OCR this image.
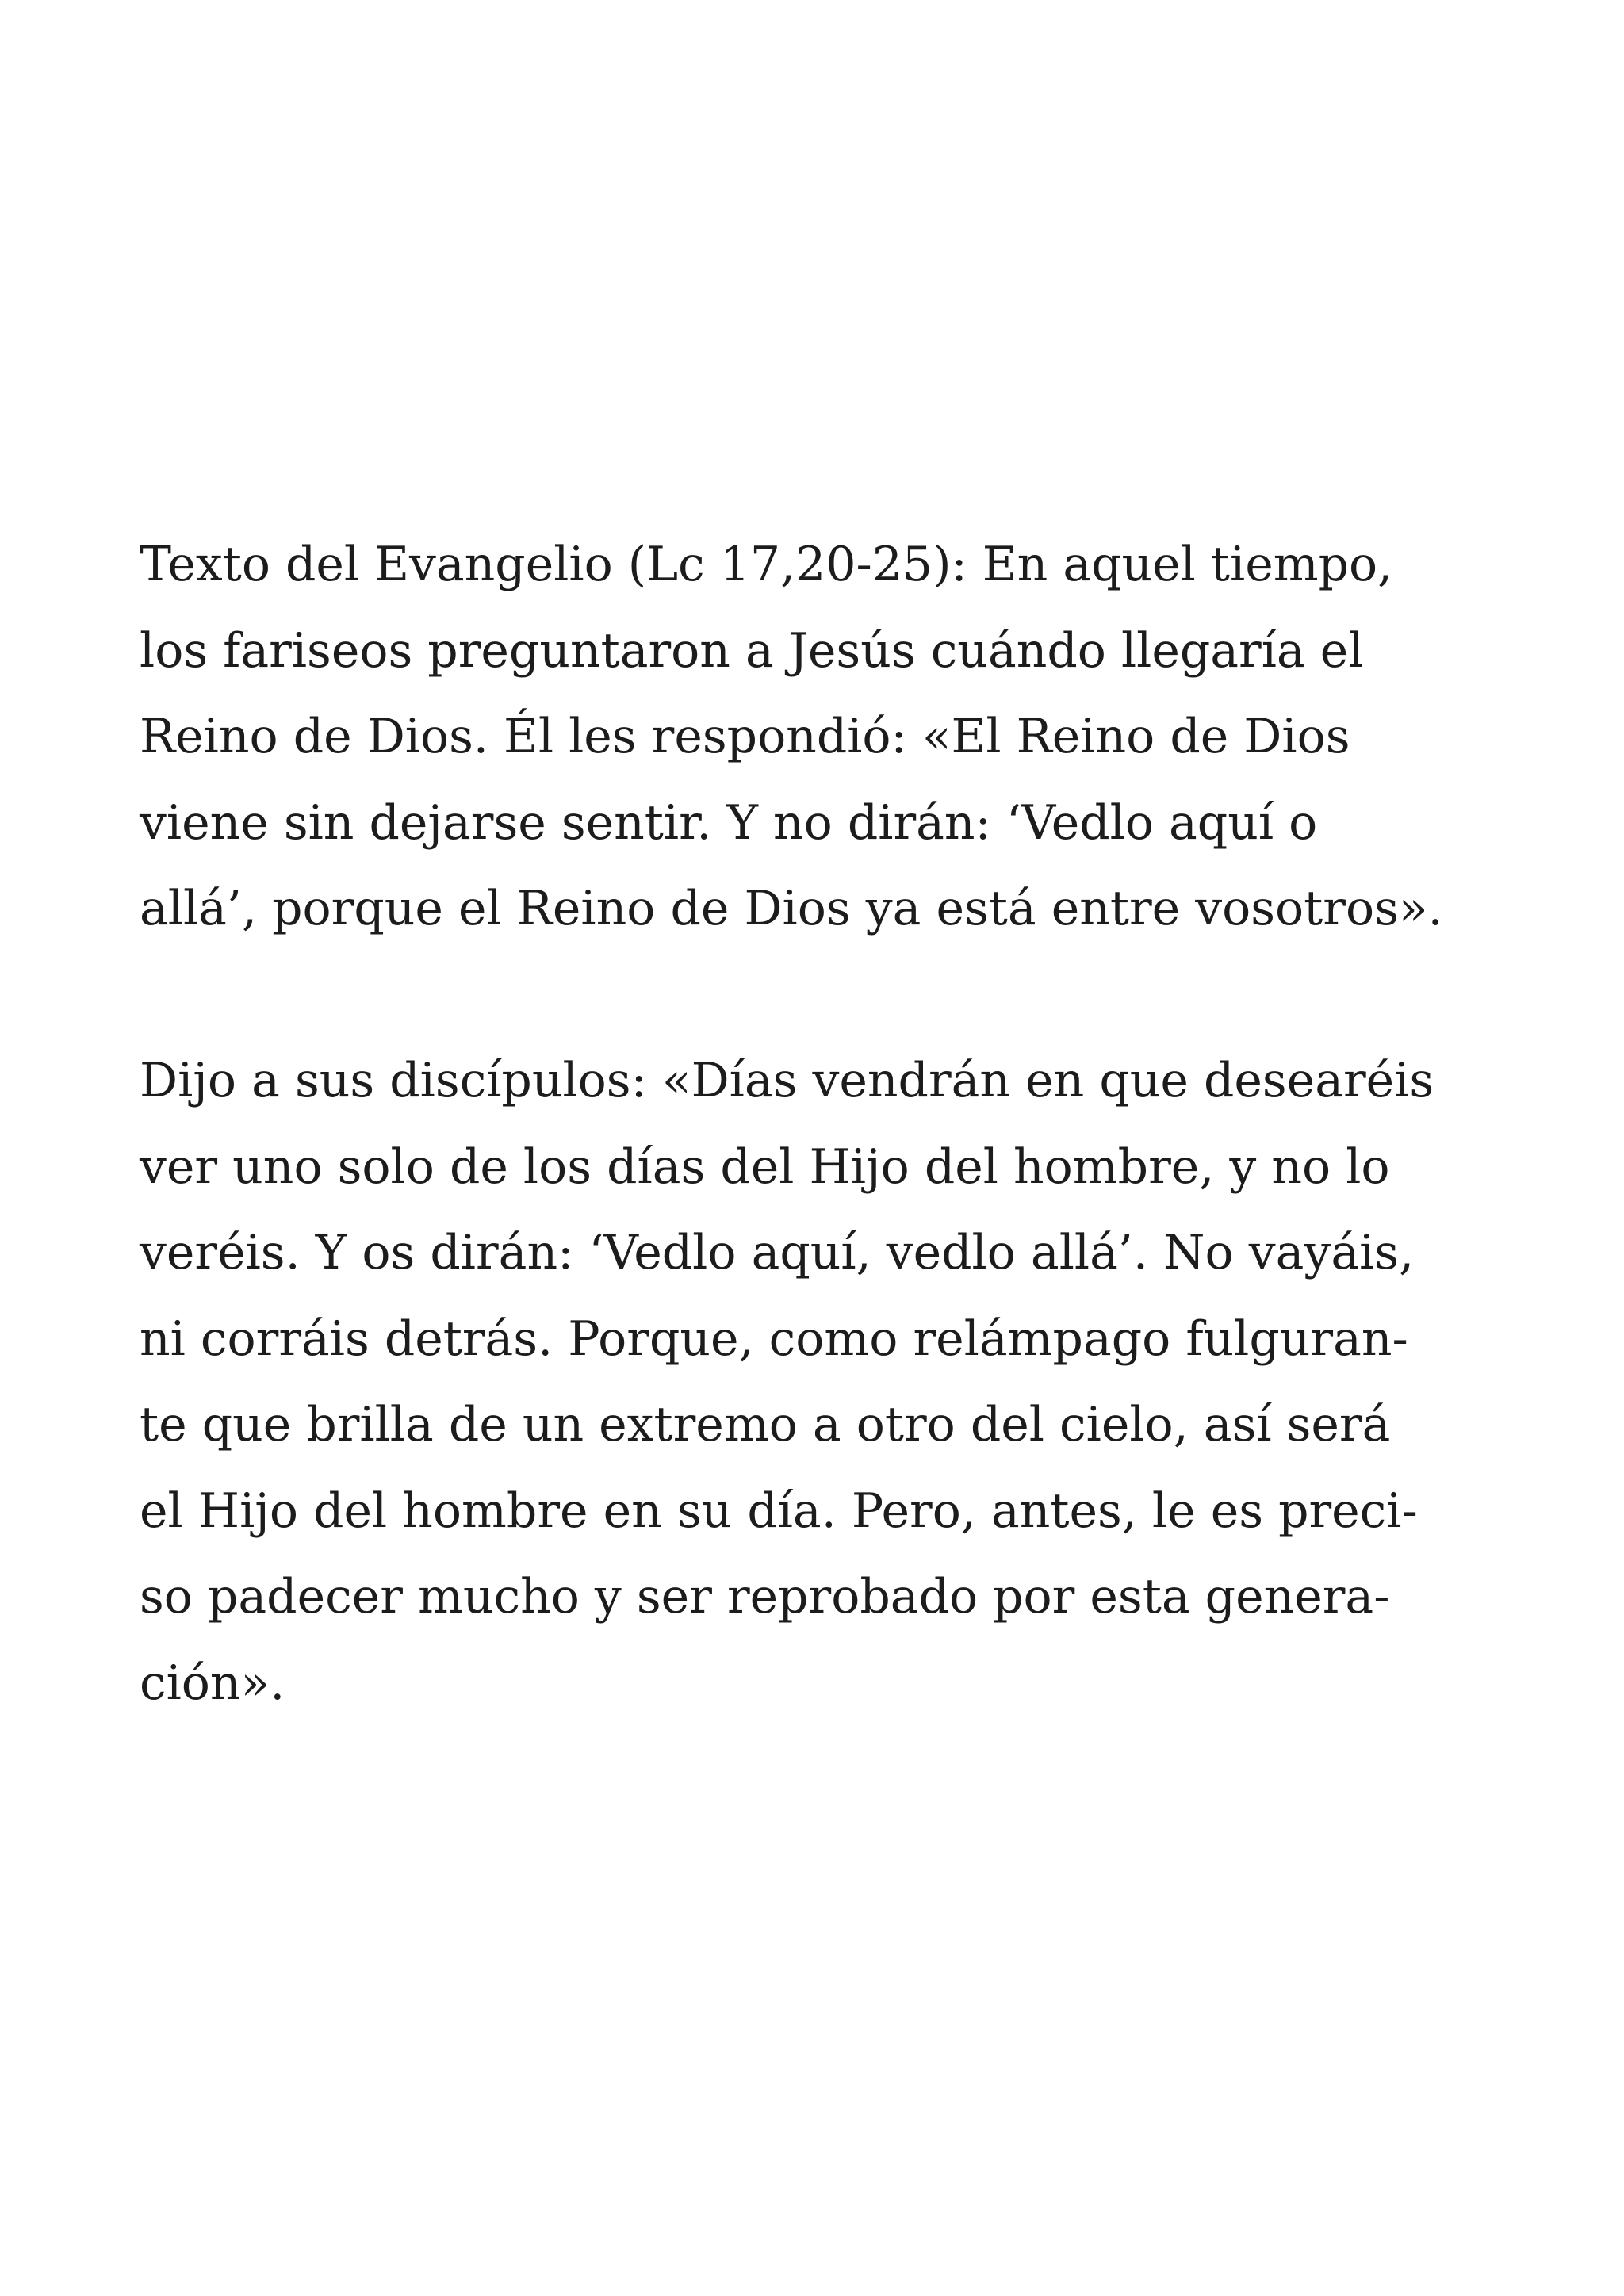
Texto del Evangelio (Lc 17,20-25): En aquel tiempo,
los fariseos preguntaron a Jesús cuándo llegaría el
Reino de Dios. Él les respondió: «El Reino de Dios
viene sin dejarse sentir. Y no dirán: ‘Vedlo aquí o
allá’, porque el Reino de Dios ya está entre vosotros».

Dijo a sus discípulos: «Días vendrán en que desearéis
ver uno solo de los días del Hijo del hombre, y no lo
veréis. Y os dirán: ‘Vedlo aquí, vedlo allá’. No vayáis,
ni corráis detrás. Porque, como relámpago fulguran-
te que brilla de un extremo a otro del cielo, así será
el Hijo del hombre en su día. Pero, antes, le es preci-
so padecer mucho y ser reprobado por esta genera-
ción».
